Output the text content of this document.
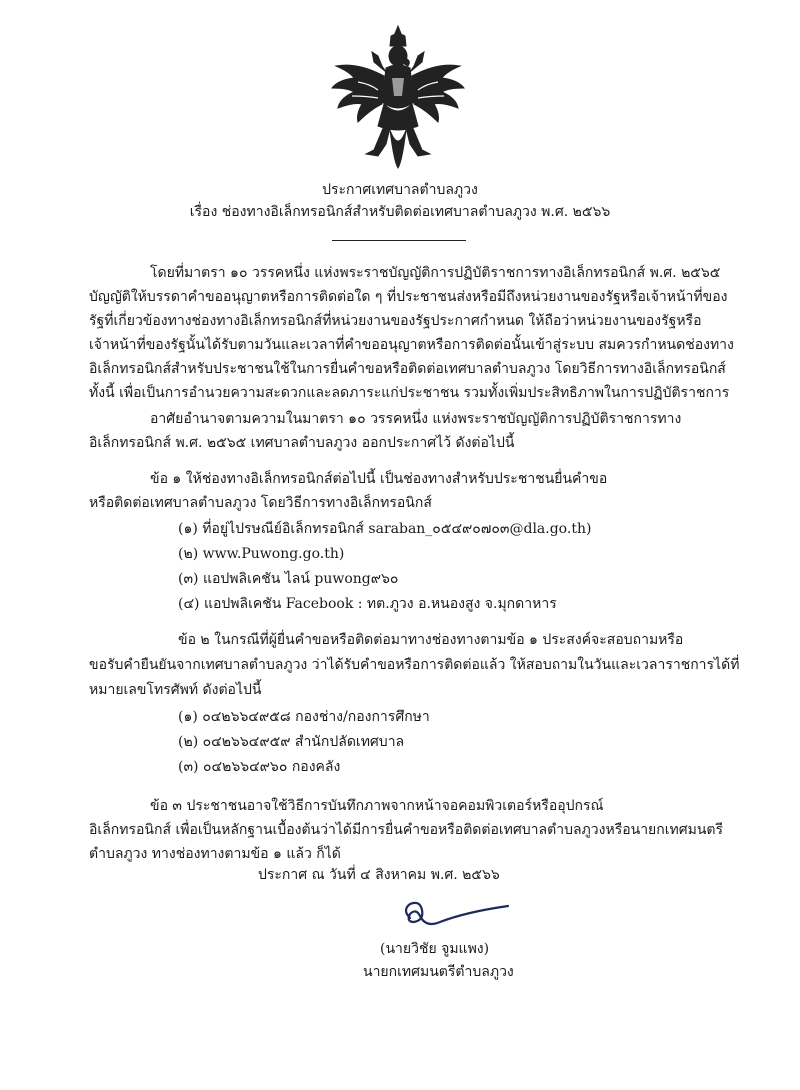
ประกาศเทศบาลตำบลภูวง
เรื่อง ช่องทางอิเล็กทรอนิกส์สำหรับติดต่อเทศบาลตำบลภูวง พ.ศ. ๒๕๖๖
โดยที่มาตรา ๑๐ วรรคหนึ่ง แห่งพระราชบัญญัติการปฏิบัติราชการทางอิเล็กทรอนิกส์ พ.ศ. ๒๕๖๕
บัญญัติให้บรรดาคำขออนุญาตหรือการติดต่อใด ๆ ที่ประชาชนส่งหรือมีถึงหน่วยงานของรัฐหรือเจ้าหน้าที่ของ
รัฐที่เกี่ยวข้องทางช่องทางอิเล็กทรอนิกส์ที่หน่วยงานของรัฐประกาศกำหนด ให้ถือว่าหน่วยงานของรัฐหรือ
เจ้าหน้าที่ของรัฐนั้นได้รับตามวันและเวลาที่คำขออนุญาตหรือการติดต่อนั้นเข้าสู่ระบบ สมควรกำหนดช่องทาง
อิเล็กทรอนิกส์สำหรับประชาชนใช้ในการยื่นคำขอหรือติดต่อเทศบาลตำบลภูวง โดยวิธีการทางอิเล็กทรอนิกส์
ทั้งนี้ เพื่อเป็นการอำนวยความสะดวกและลดภาระแก่ประชาชน รวมทั้งเพิ่มประสิทธิภาพในการปฏิบัติราชการ
อาศัยอำนาจตามความในมาตรา ๑๐ วรรคหนึ่ง แห่งพระราชบัญญัติการปฏิบัติราชการทาง
อิเล็กทรอนิกส์ พ.ศ. ๒๕๖๕ เทศบาลตำบลภูวง ออกประกาศไว้ ดังต่อไปนี้
ข้อ ๑ ให้ช่องทางอิเล็กทรอนิกส์ต่อไปนี้ เป็นช่องทางสำหรับประชาชนยื่นคำขอ
หรือติดต่อเทศบาลตำบลภูวง โดยวิธีการทางอิเล็กทรอนิกส์
(๑) ที่อยู่ไปรษณีย์อิเล็กทรอนิกส์ saraban_๐๕๔๙๐๗๐๓@dla.go.th)
(๒) www.Puwong.go.th)
(๓) แอปพลิเคชัน ไลน์ puwong๙๖๐
(๔) แอปพลิเคชัน Facebook : ทต.ภูวง อ.หนองสูง จ.มุกดาหาร
ข้อ ๒ ในกรณีที่ผู้ยื่นคำขอหรือติดต่อมาทางช่องทางตามข้อ ๑ ประสงค์จะสอบถามหรือ
ขอรับคำยืนยันจากเทศบาลตำบลภูวง ว่าได้รับคำขอหรือการติดต่อแล้ว ให้สอบถามในวันและเวลาราชการได้ที่
หมายเลขโทรศัพท์ ดังต่อไปนี้
(๑) ๐๔๒๖๖๔๙๕๘ กองช่าง/กองการศึกษา
(๒) ๐๔๒๖๖๔๙๕๙ สำนักปลัดเทศบาล
(๓) ๐๔๒๖๖๔๙๖๐ กองคลัง
ข้อ ๓ ประชาชนอาจใช้วิธีการบันทึกภาพจากหน้าจอคอมพิวเตอร์หรืออุปกรณ์
อิเล็กทรอนิกส์ เพื่อเป็นหลักฐานเบื้องต้นว่าได้มีการยื่นคำขอหรือติดต่อเทศบาลตำบลภูวงหรือนายกเทศมนตรี
ตำบลภูวง ทางช่องทางตามข้อ ๑ แล้ว ก็ได้
ประกาศ ณ วันที่ ๔ สิงหาคม พ.ศ. ๒๕๖๖
(นายวิชัย จูมแพง)
นายกเทศมนตรีตำบลภูวง
